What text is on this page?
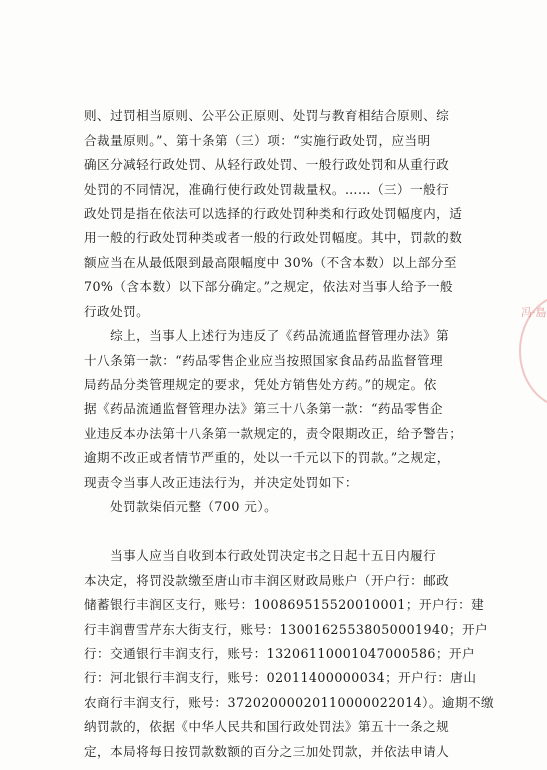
则、过罚相当原则、公平公正原则、处罚与教育相结合原则、综
合裁量原则。”、第十条第（三）项：“实施行政处罚，应当明
确区分减轻行政处罚、从轻行政处罚、一般行政处罚和从重行政
处罚的不同情况，准确行使行政处罚裁量权。……（三）一般行
政处罚是指在依法可以选择的行政处罚种类和行政处罚幅度内，适
用一般的行政处罚种类或者一般的行政处罚幅度。其中，罚款的数
额应当在从最低限到最高限幅度中 30%（不含本数）以上部分至
70%（含本数）以下部分确定。”之规定，依法对当事人给予一般
行政处罚。
　　综上，当事人上述行为违反了《药品流通监督管理办法》第
十八条第一款：“药品零售企业应当按照国家食品药品监督管理
局药品分类管理规定的要求，凭处方销售处方药。”的规定。依
据《药品流通监督管理办法》第三十八条第一款：“药品零售企
业违反本办法第十八条第一款规定的，责令限期改正，给予警告；
逾期不改正或者情节严重的，处以一千元以下的罚款。”之规定，
现责令当事人改正违法行为，并决定处罚如下：
　　处罚款柒佰元整（700 元）。
　　当事人应当自收到本行政处罚决定书之日起十五日内履行
本决定，将罚没款缴至唐山市丰润区财政局账户（开户行：邮政
储蓄银行丰润区支行，账号：100869515520010001；开户行：建
行丰润曹雪芹东大街支行，账号：13001625538050001940；开户
行：交通银行丰润支行，账号：13206110001047000586；开户
行：河北银行丰润支行，账号：02011400000034；开户行：唐山
农商行丰润支行，账号：37202000020110000022014）。逾期不缴
纳罚款的，依据《中华人民共和国行政处罚法》第五十一条之规
定，本局将每日按罚款数额的百分之三加处罚款，并依法申请人
冯·島
